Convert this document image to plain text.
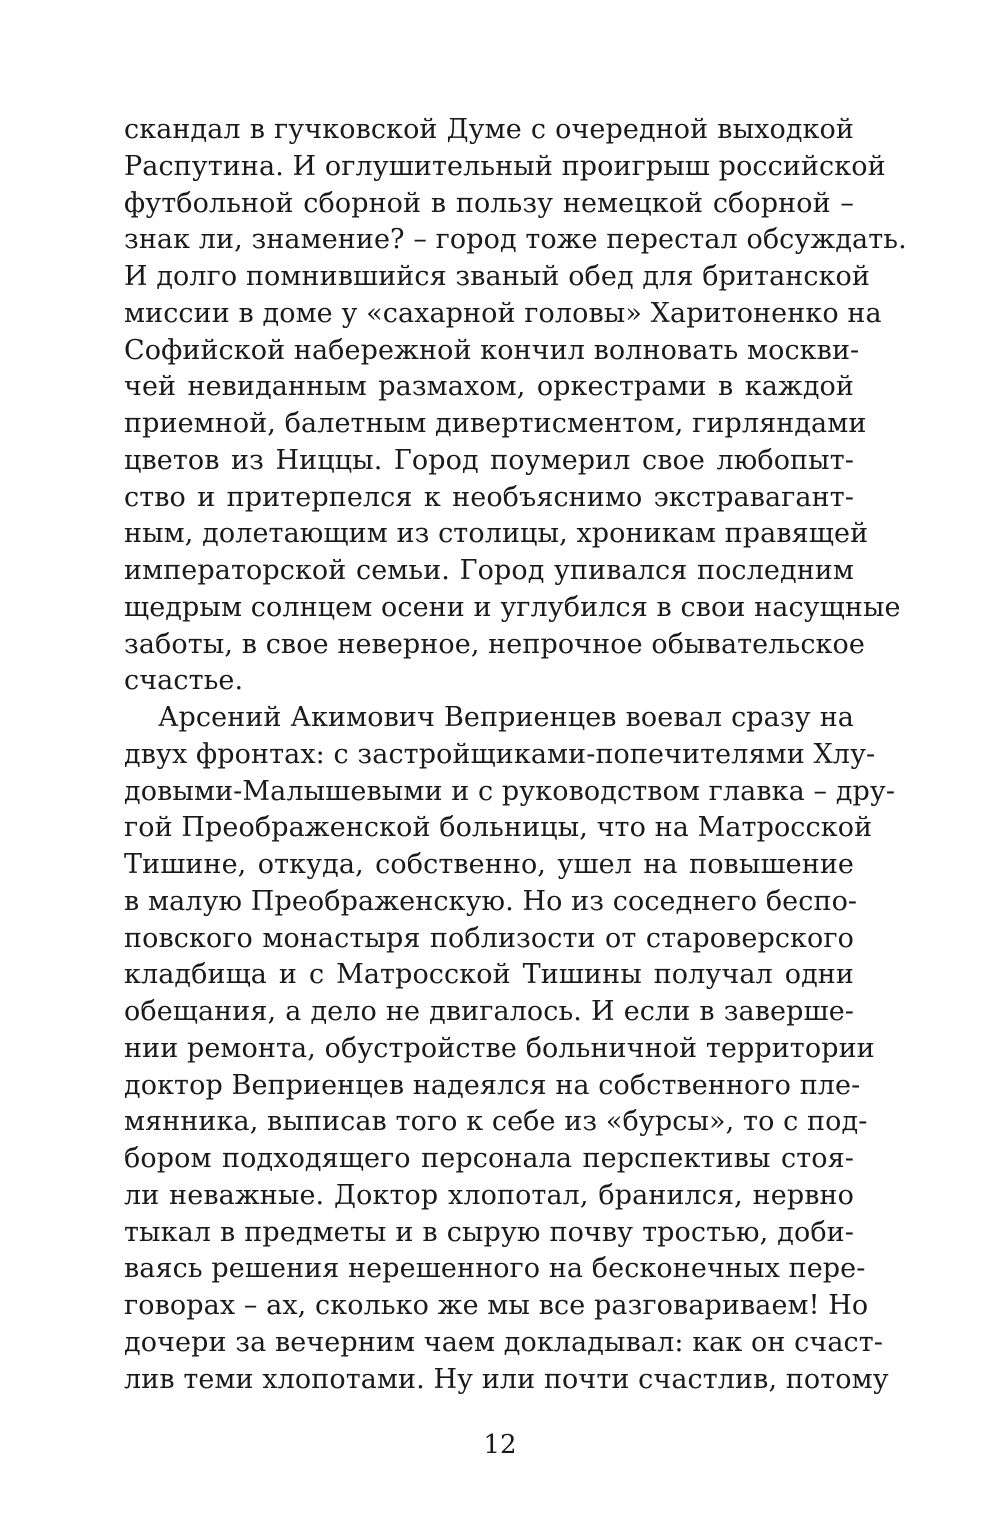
скандал в гучковской Думе с очередной выходкой
Распутина. И оглушительный проигрыш российской
футбольной сборной в пользу немецкой сборной –
знак ли, знамение? – город тоже перестал обсуждать.
И долго помнившийся званый обед для британской
миссии в доме у «сахарной головы» Харитоненко на
Софийской набережной кончил волновать москви-
чей невиданным размахом, оркестрами в каждой
приемной, балетным дивертисментом, гирляндами
цветов из Ниццы. Город поумерил свое любопыт-
ство и притерпелся к необъяснимо экстравагант-
ным, долетающим из столицы, хроникам правящей
императорской семьи. Город упивался последним
щедрым солнцем осени и углубился в свои насущные
заботы, в свое неверное, непрочное обывательское
счастье.
Арсений Акимович Веприенцев воевал сразу на
двух фронтах: с застройщиками-попечителями Хлу-
довыми-Малышевыми и с руководством главка – дру-
гой Преображенской больницы, что на Матросской
Тишине, откуда, собственно, ушел на повышение
в малую Преображенскую. Но из соседнего беспо-
повского монастыря поблизости от староверского
кладбища и с Матросской Тишины получал одни
обещания, а дело не двигалось. И если в заверше-
нии ремонта, обустройстве больничной территории
доктор Веприенцев надеялся на собственного пле-
мянника, выписав того к себе из «бурсы», то с под-
бором подходящего персонала перспективы стоя-
ли неважные. Доктор хлопотал, бранился, нервно
тыкал в предметы и в сырую почву тростью, доби-
ваясь решения нерешенного на бесконечных пере-
говорах – ах, сколько же мы все разговариваем! Но
дочери за вечерним чаем докладывал: как он счаст-
лив теми хлопотами. Ну или почти счастлив, потому
12
